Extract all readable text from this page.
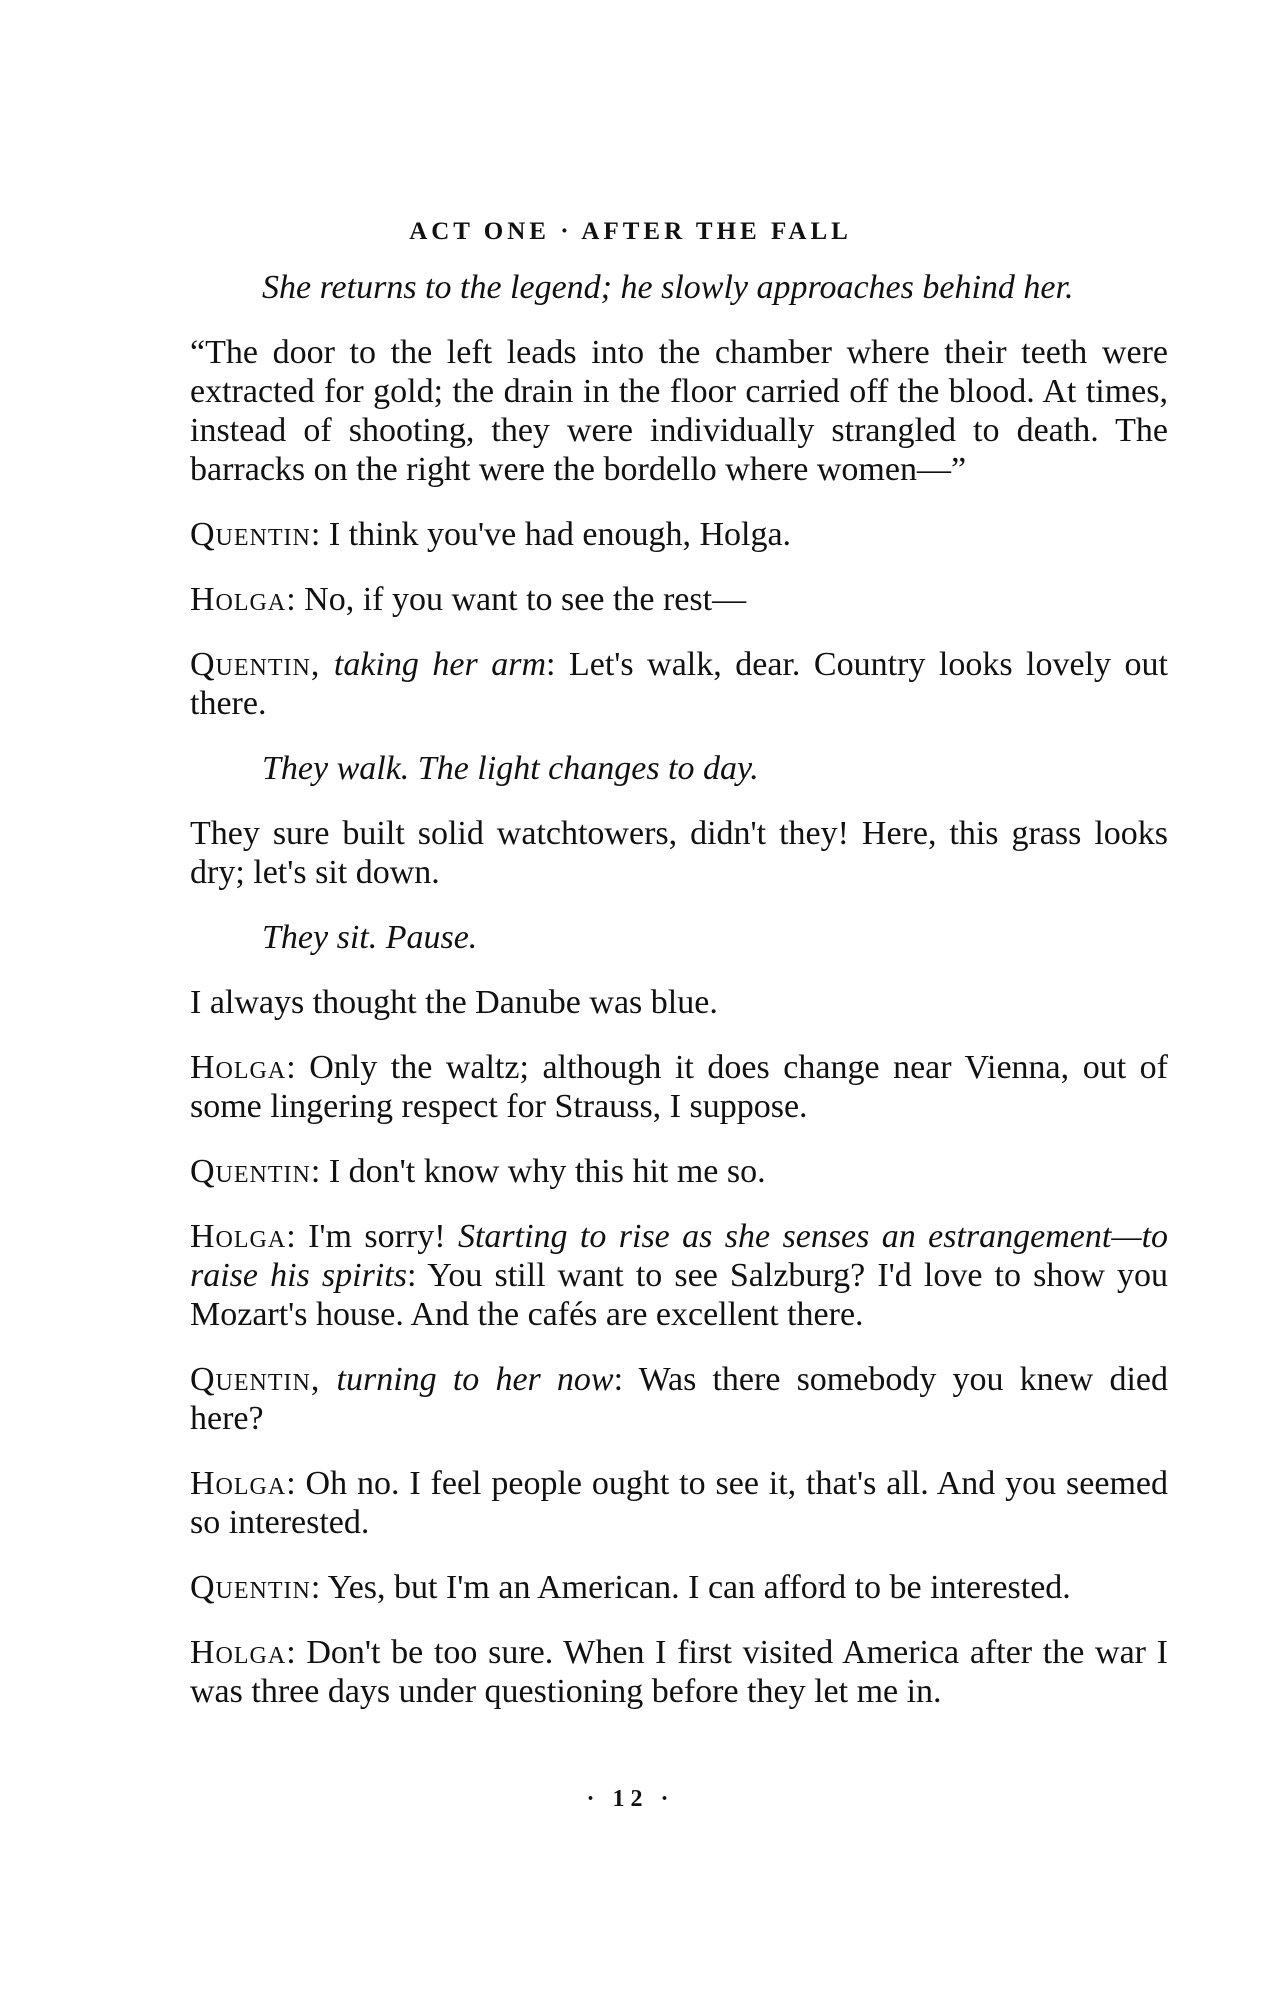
ACT ONE · AFTER THE FALL

She returns to the legend; he slowly approaches behind her.

“The door to the left leads into the chamber where their teeth were extracted for gold; the drain in the floor carried off the blood. At times, instead of shooting, they were individually strangled to death. The barracks on the right were the bordello where women—”

Quentin: I think you've had enough, Holga.

Holga: No, if you want to see the rest—

Quentin, taking her arm: Let's walk, dear. Country looks lovely out there.

They walk. The light changes to day.

They sure built solid watchtowers, didn't they! Here, this grass looks dry; let's sit down.

They sit. Pause.

I always thought the Danube was blue.

Holga: Only the waltz; although it does change near Vienna, out of some lingering respect for Strauss, I suppose.

Quentin: I don't know why this hit me so.

Holga: I'm sorry! Starting to rise as she senses an estrangement—to raise his spirits: You still want to see Salzburg? I'd love to show you Mozart's house. And the cafés are excellent there.

Quentin, turning to her now: Was there somebody you knew died here?

Holga: Oh no. I feel people ought to see it, that's all. And you seemed so interested.

Quentin: Yes, but I'm an American. I can afford to be interested.

Holga: Don't be too sure. When I first visited America after the war I was three days under questioning before they let me in.

· 12 ·
